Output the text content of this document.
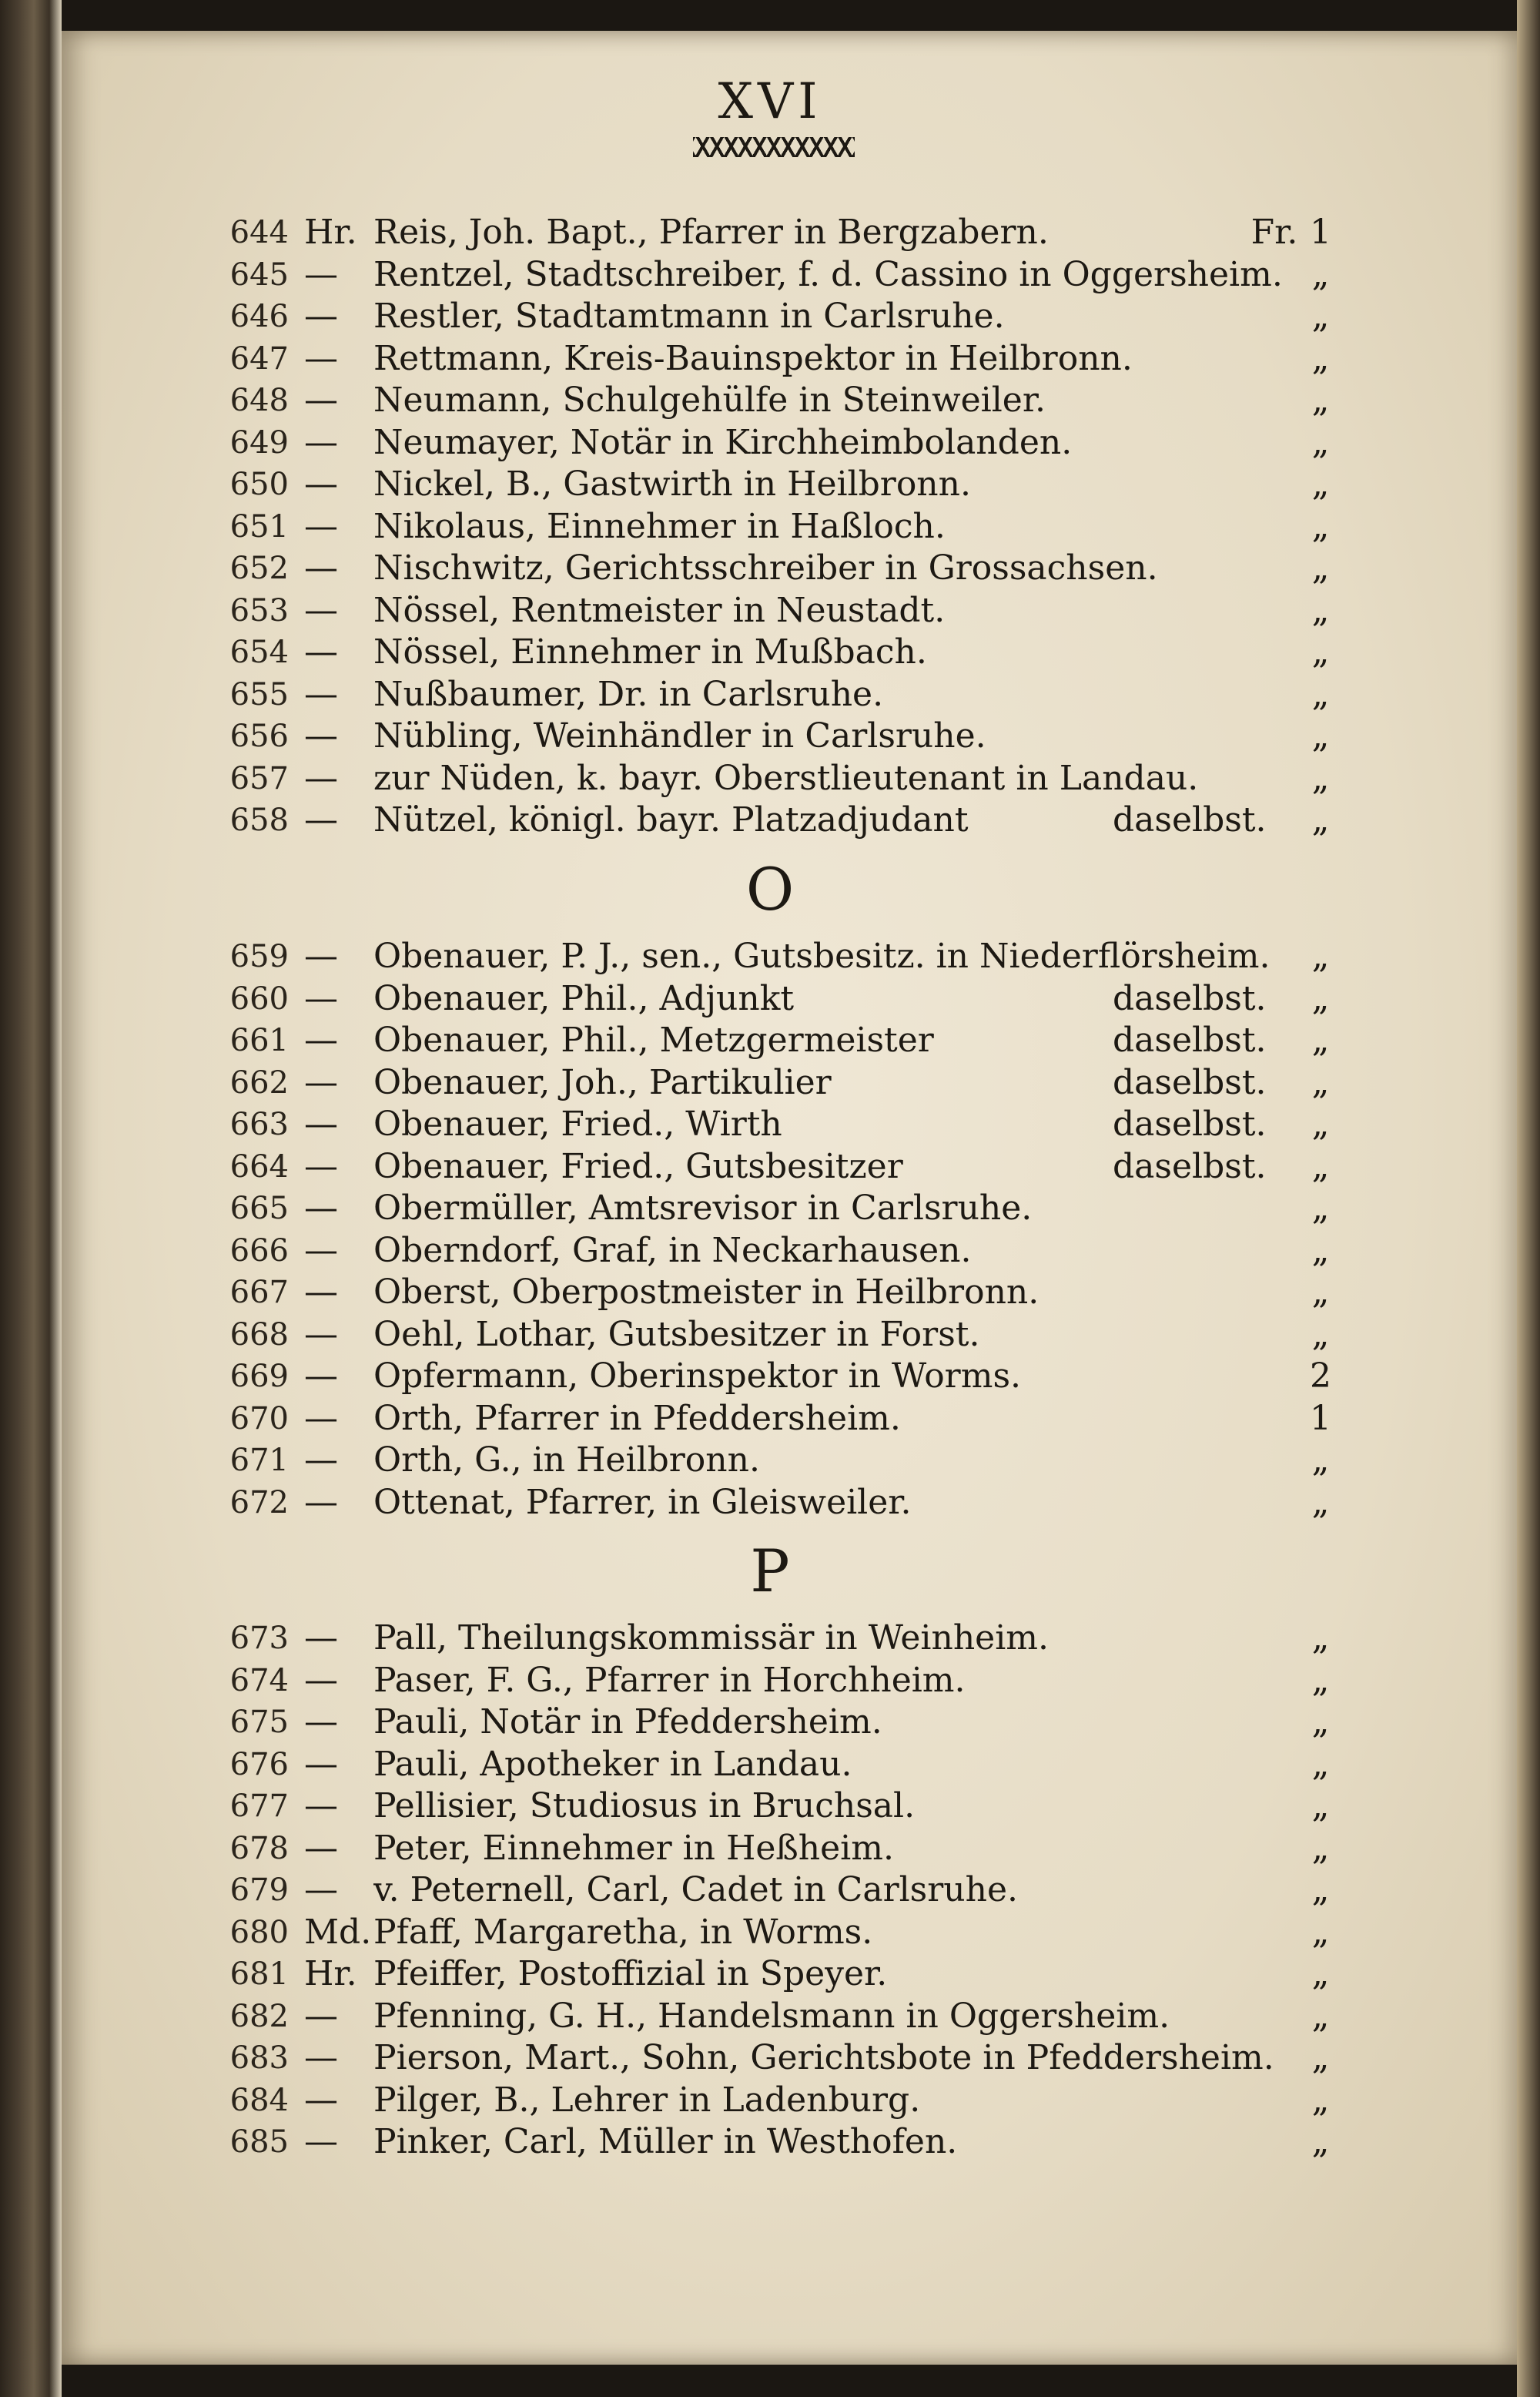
XVI
644 Hr. Reis, Joh. Bapt., Pfarrer in Bergzabern.	Fr. 1
645 —	Rentzel, Stadtschreiber, f. d. Cassino in Oggersheim. „
646 —	Restler, Stadtamtmann in Carlsruhe.	„
647 —	Rettmann, Kreis-Bauinspektor in Heilbronn.	„
648 —	Neumann, Schulgehülfe in Steinweiler.	„
649 —	Neumayer, Notär in Kirchheimbolanden.	„
650 —	Nickel, B., Gastwirth in Heilbronn.	„
651 —	Nikolaus, Einnehmer in Haßloch.	„
652 —	Nischwitz, Gerichtsschreiber in Grossachsen.	„
653 —	Nössel, Rentmeister in Neustadt.	„
654 —	Nössel, Einnehmer in Mußbach.	„
655 —	Nußbaumer, Dr. in Carlsruhe.	„
656 —	Nübling, Weinhändler in Carlsruhe.	„
657 —	zur Nüden, k. bayr. Oberstlieutenant in Landau.	„
658 —	Nützel, königl. bayr. Platzadjudant	daselbst.	„
O
659 —	Obenauer, P. J., sen., Gutsbesitz. in Niederflörsheim.	„
660 —	Obenauer, Phil., Adjunkt	daselbst.	„
661 —	Obenauer, Phil., Metzgermeister	daselbst.	„
662 —	Obenauer, Joh., Partikulier	daselbst.	„
663 —	Obenauer, Fried., Wirth	daselbst.	„
664 —	Obenauer, Fried., Gutsbesitzer	daselbst.	„
665 —	Obermüller, Amtsrevisor in Carlsruhe.	„
666 —	Oberndorf, Graf, in Neckarhausen.	„
667 —	Oberst, Oberpostmeister in Heilbronn.	„
668 —	Oehl, Lothar, Gutsbesitzer in Forst.	„
669 —	Opfermann, Oberinspektor in Worms.	2
670 —	Orth, Pfarrer in Pfeddersheim.	1
671 —	Orth, G., in Heilbronn.	„
672 —	Ottenat, Pfarrer, in Gleisweiler.	„
P
673 —	Pall, Theilungskommissär in Weinheim.	„
674 —	Paser, F. G., Pfarrer in Horchheim.	„
675 —	Pauli, Notär in Pfeddersheim.	„
676 —	Pauli, Apotheker in Landau.	„
677 —	Pellisier, Studiosus in Bruchsal.	„
678 —	Peter, Einnehmer in Heßheim.	„
679 —	v. Peternell, Carl, Cadet in Carlsruhe.	„
680 Md. Pfaff, Margaretha, in Worms.	„
681 Hr. Pfeiffer, Postoffizial in Speyer.	„
682 —	Pfenning, G. H., Handelsmann in Oggersheim.	„
683 —	Pierson, Mart., Sohn, Gerichtsbote in Pfeddersheim.	„
684 —	Pilger, B., Lehrer in Ladenburg.	„
685 —	Pinker, Carl, Müller in Westhofen.	„
